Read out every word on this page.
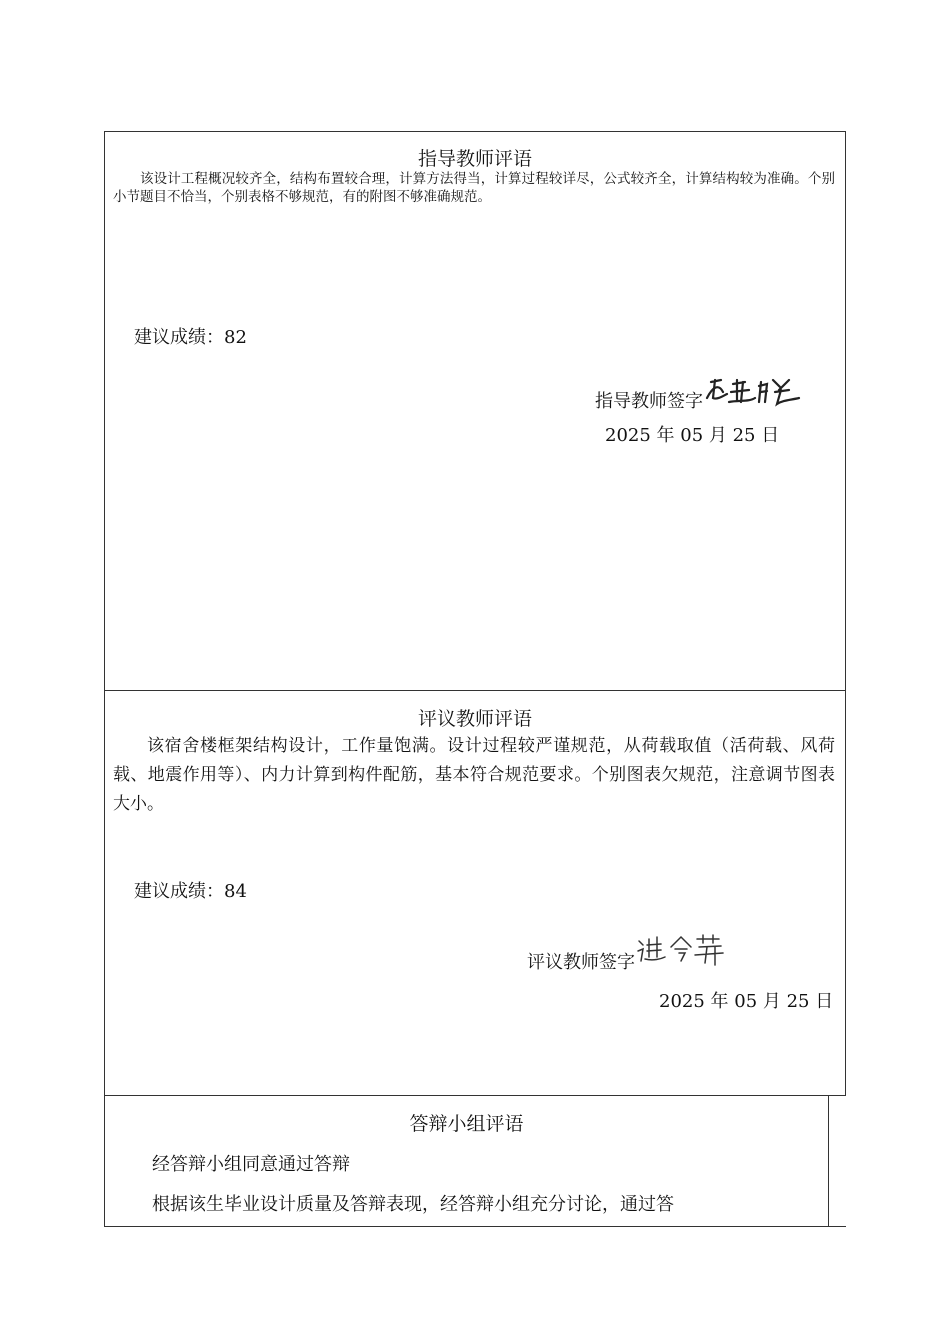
指导教师评语
该设计工程概况较齐全，结构布置较合理，计算方法得当，计算过程较详尽，公式较齐全，计算结构较为准确。个别小节题目不恰当，个别表格不够规范，有的附图不够准确规范。
建议成绩：82
指导教师签字
2025 年 05 月 25 日
评议教师评语
该宿舍楼框架结构设计，工作量饱满。设计过程较严谨规范，从荷载取值（活荷载、风荷载、地震作用等）、内力计算到构件配筋，基本符合规范要求。个别图表欠规范，注意调节图表大小。
建议成绩：84
评议教师签字
2025 年 05 月 25 日
答辩小组评语
经答辩小组同意通过答辩
根据该生毕业设计质量及答辩表现，经答辩小组充分讨论，通过答
